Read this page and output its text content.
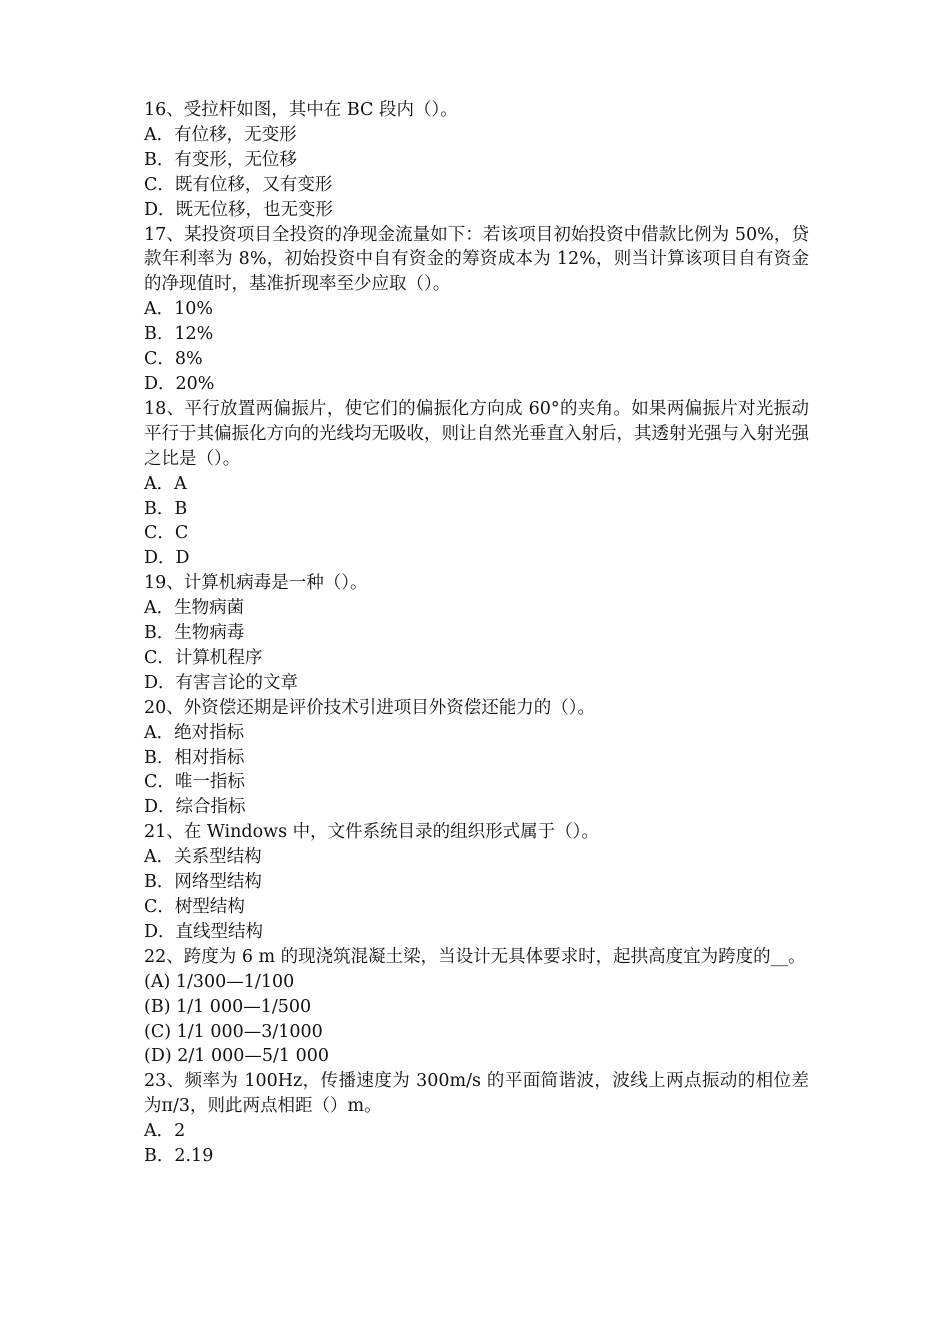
16、受拉杆如图，其中在 BC 段内（）。

A．有位移，无变形
B．有变形，无位移
C．既有位移，又有变形
D．既无位移，也无变形

17、某投资项目全投资的净现金流量如下：若该项目初始投资中借款比例为 50%，贷款年利率为 8%，初始投资中自有资金的筹资成本为 12%，则当计算该项目自有资金的净现值时，基准折现率至少应取（）。

A．10%
B．12%
C．8%
D．20%

18、平行放置两偏振片，使它们的偏振化方向成 60°的夹角。如果两偏振片对光振动平行于其偏振化方向的光线均无吸收，则让自然光垂直入射后，其透射光强与入射光强之比是（）。

A．A
B．B
C．C
D．D

19、计算机病毒是一种（）。

A．生物病菌
B．生物病毒
C．计算机程序
D．有害言论的文章

20、外资偿还期是评价技术引进项目外资偿还能力的（）。

A．绝对指标
B．相对指标
C．唯一指标
D．综合指标

21、在 Windows 中，文件系统目录的组织形式属于（）。

A．关系型结构
B．网络型结构
C．树型结构
D．直线型结构

22、跨度为 6 m 的现浇筑混凝土梁，当设计无具体要求时，起拱高度宜为跨度的__。

(A) 1/300—1/100
(B) 1/1 000—1/500
(C) 1/1 000—3/1000
(D) 2/1 000—5/1 000

23、频率为 100Hz，传播速度为 300m/s 的平面简谐波，波线上两点振动的相位差为π/3，则此两点相距（）m。

A．2
B．2.19
